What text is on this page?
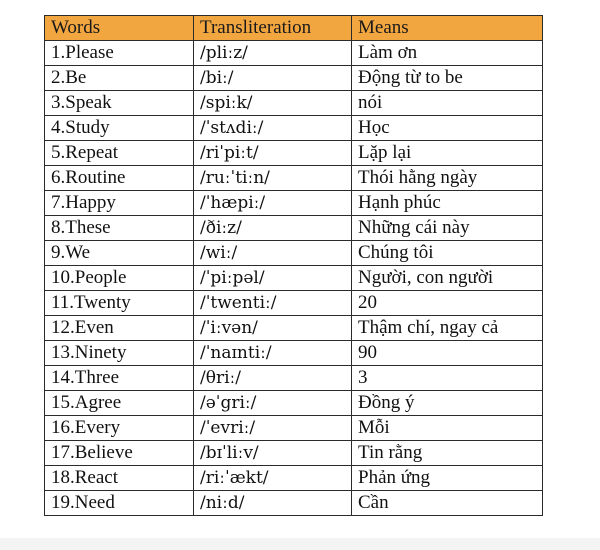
Words	Transliteration	Means
1.Please	/pliːz/	Làm ơn
2.Be	/biː/	Động từ to be
3.Speak	/spiːk/	nói
4.Study	/ˈstʌdiː/	Học
5.Repeat	/riˈpiːt/	Lặp lại
6.Routine	/ruːˈtiːn/	Thói hằng ngày
7.Happy	/ˈhæpiː/	Hạnh phúc
8.These	/ðiːz/	Những cái này
9.We	/wiː/	Chúng tôi
10.People	/ˈpiːpəl/	Người, con người
11.Twenty	/ˈtwentiː/	20
12.Even	/ˈiːvən/	Thậm chí, ngay cả
13.Ninety	/ˈnaɪntiː/	90
14.Three	/θriː/	3
15.Agree	/əˈgriː/	Đồng ý
16.Every	/ˈevriː/	Mỗi
17.Believe	/bɪˈliːv/	Tin rằng
18.React	/riːˈækt/	Phản ứng
19.Need	/niːd/	Cần
